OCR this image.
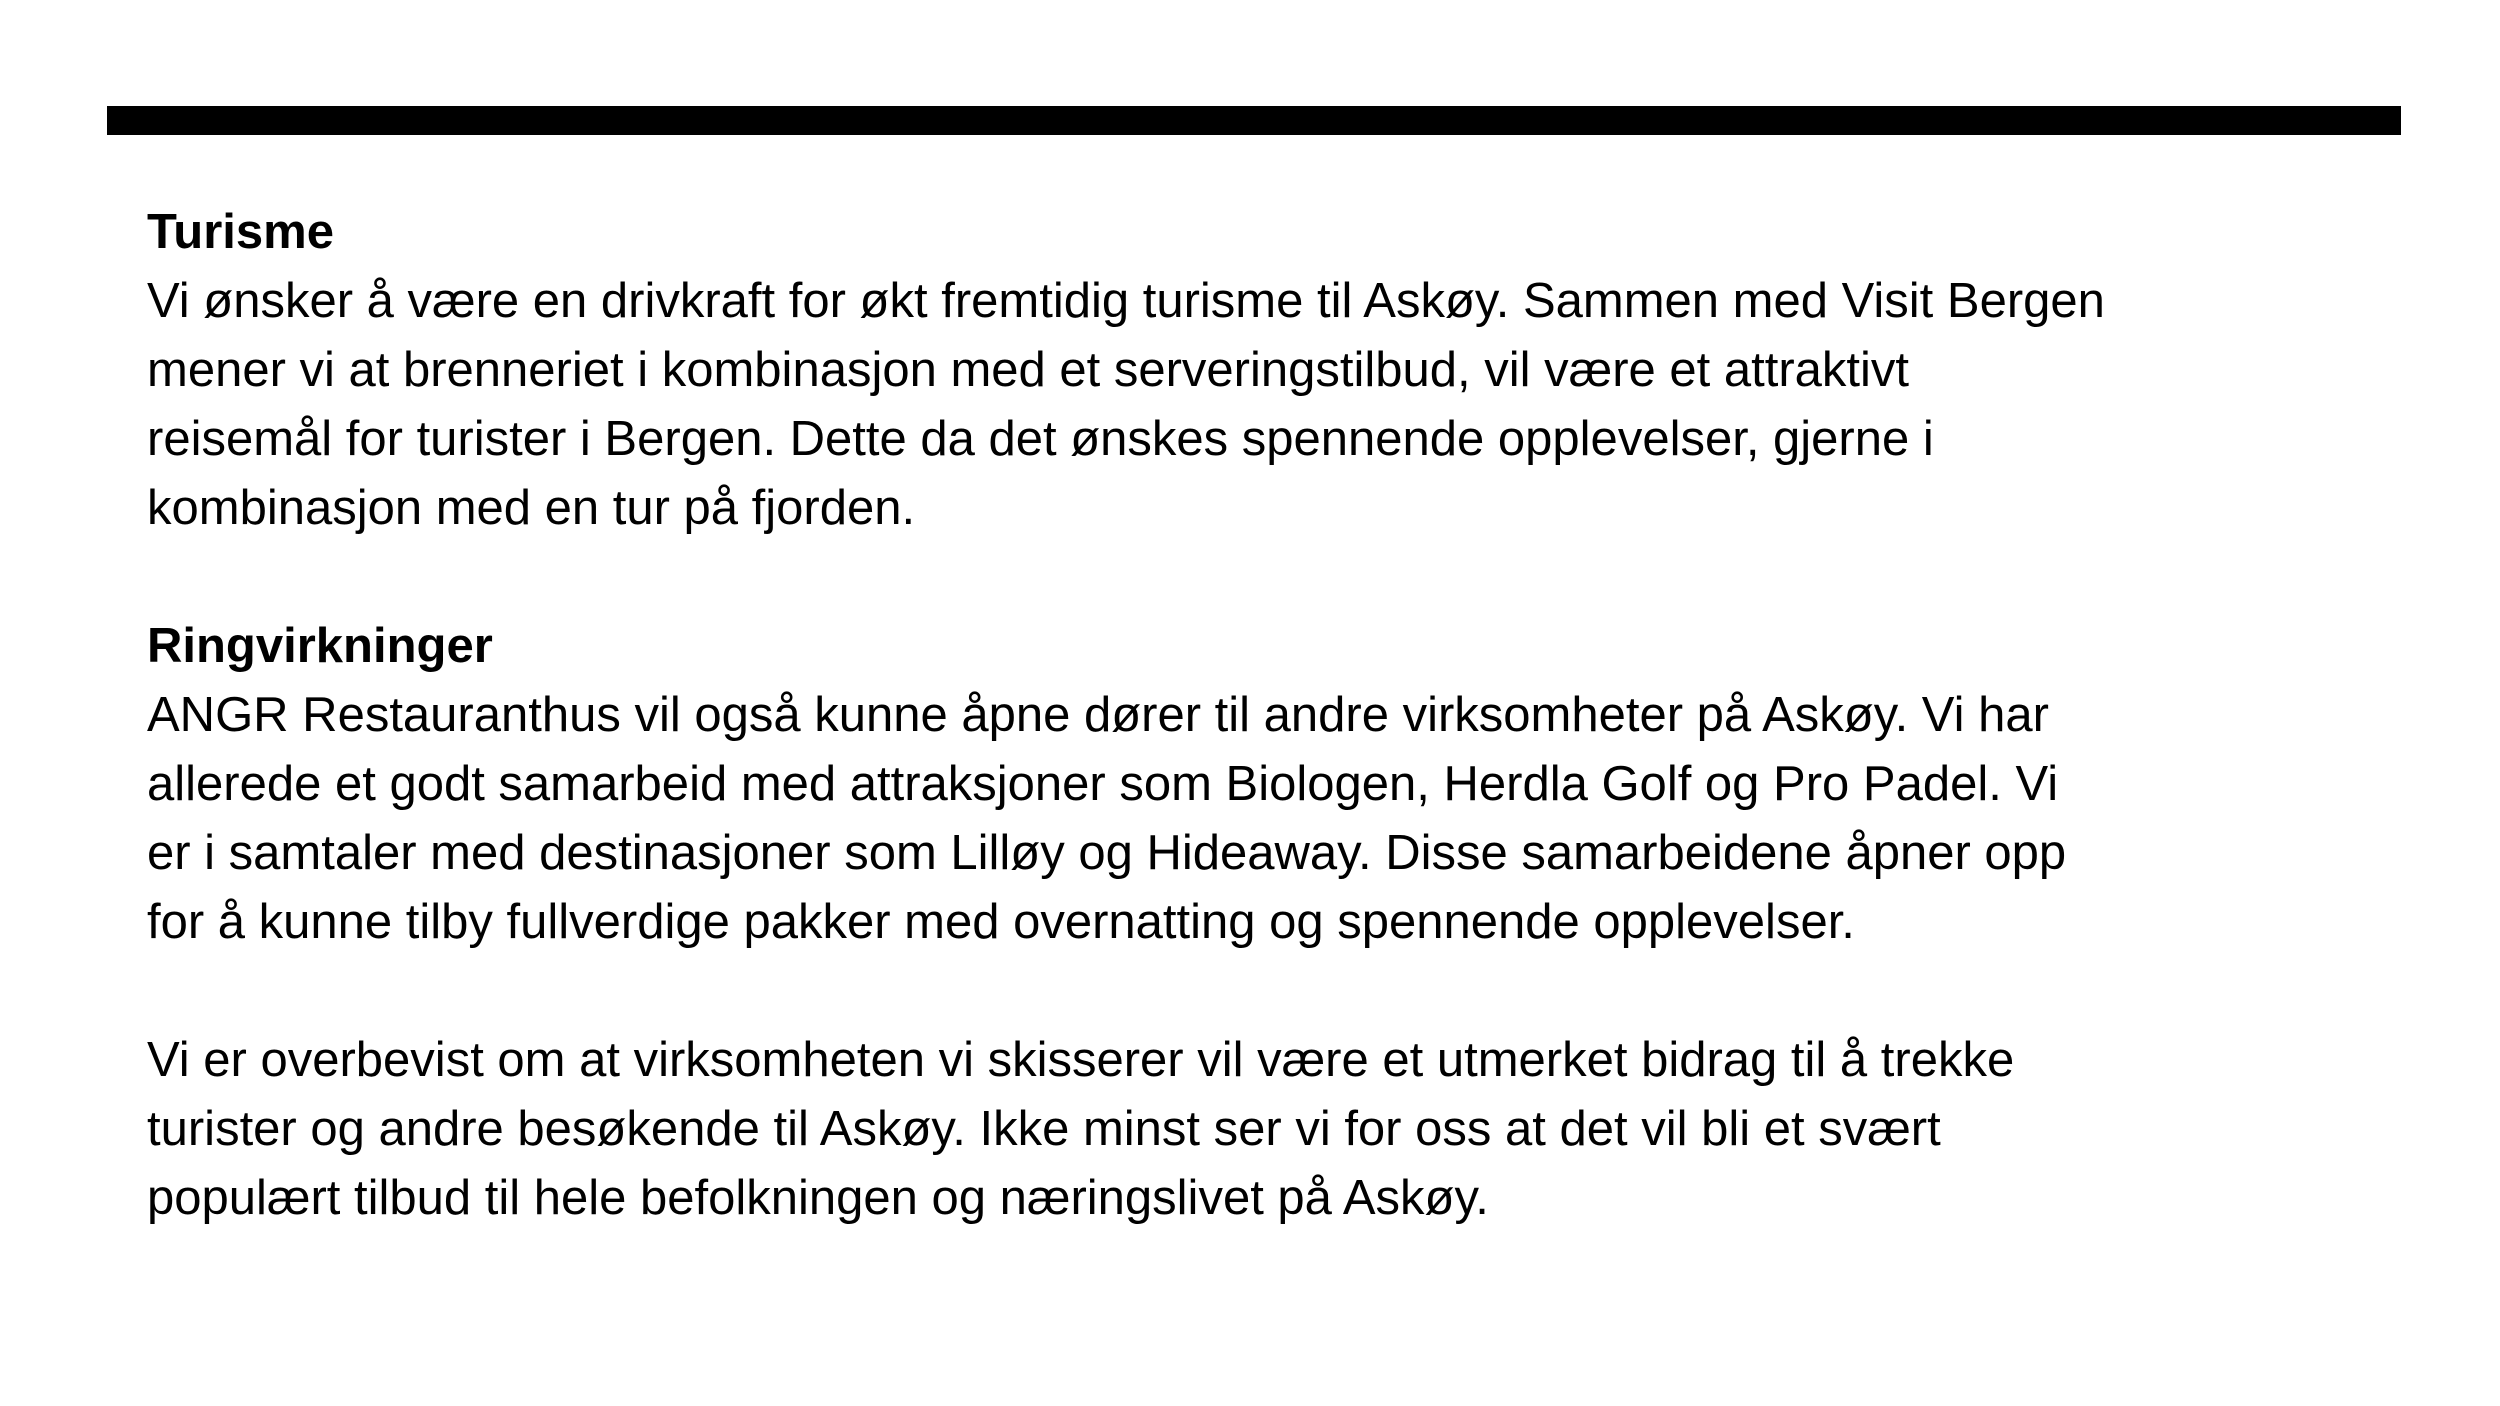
Turisme

Vi ønsker å være en drivkraft for økt fremtidig turisme til Askøy. Sammen med Visit Bergen

mener vi at brenneriet i kombinasjon med et serveringstilbud, vil være et attraktivt

reisemål for turister i Bergen. Dette da det ønskes spennende opplevelser, gjerne i

kombinasjon med en tur på fjorden.

Ringvirkninger

ANGR Restauranthus vil også kunne åpne dører til andre virksomheter på Askøy. Vi har

allerede et godt samarbeid med attraksjoner som Biologen, Herdla Golf og Pro Padel. Vi

er i samtaler med destinasjoner som Lilløy og Hideaway. Disse samarbeidene åpner opp

for å kunne tilby fullverdige pakker med overnatting og spennende opplevelser.

Vi er overbevist om at virksomheten vi skisserer vil være et utmerket bidrag til å trekke

turister og andre besøkende til Askøy. Ikke minst ser vi for oss at det vil bli et svært

populært tilbud til hele befolkningen og næringslivet på Askøy.
